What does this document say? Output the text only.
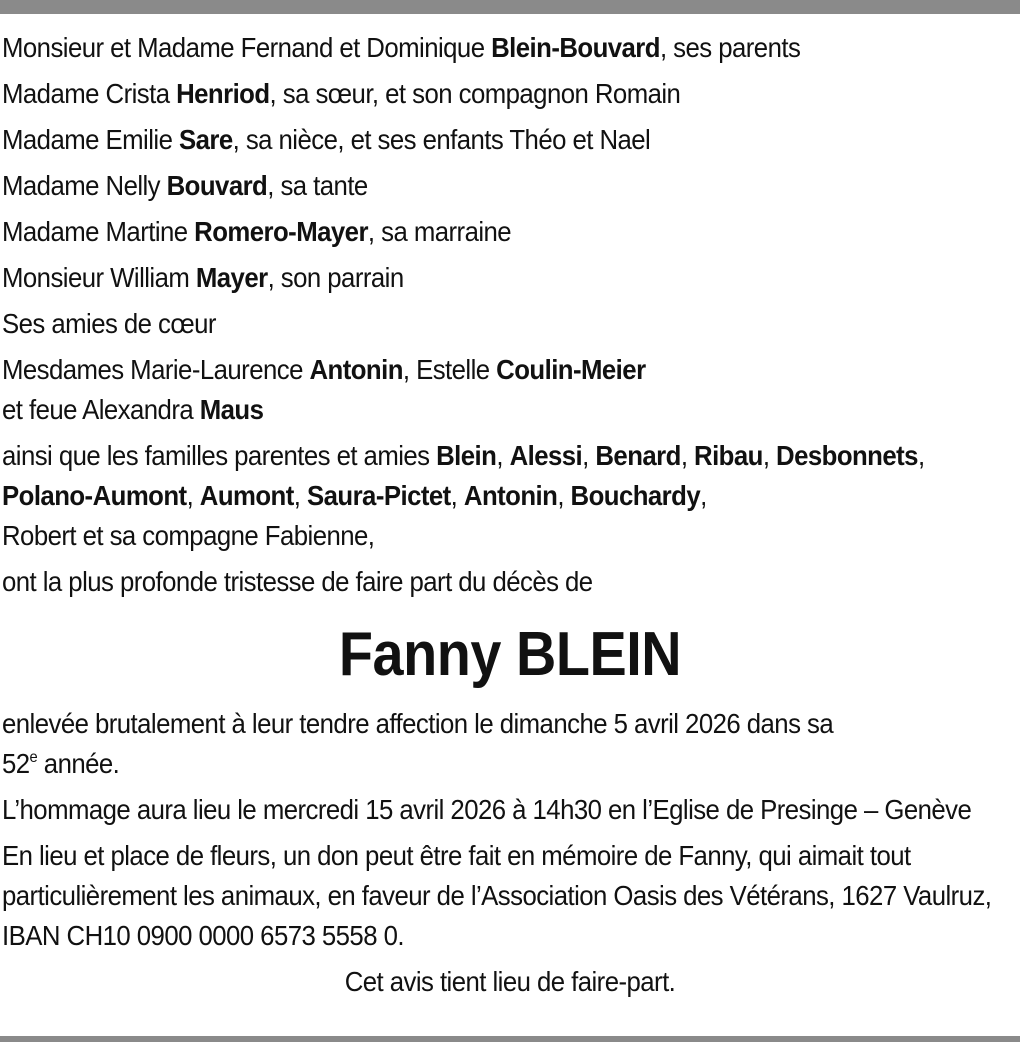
Monsieur et Madame Fernand et Dominique Blein-Bouvard, ses parents

Madame Crista Henriod, sa sœur, et son compagnon Romain

Madame Emilie Sare, sa nièce, et ses enfants Théo et Nael

Madame Nelly Bouvard, sa tante

Madame Martine Romero-Mayer, sa marraine

Monsieur William Mayer, son parrain

Ses amies de cœur

Mesdames Marie-Laurence Antonin, Estelle Coulin-Meier
et feue Alexandra Maus

ainsi que les familles parentes et amies Blein, Alessi, Benard, Ribau, Desbonnets, Polano-Aumont, Aumont, Saura-Pictet, Antonin, Bouchardy,
Robert et sa compagne Fabienne,

ont la plus profonde tristesse de faire part du décès de

Fanny BLEIN

enlevée brutalement à leur tendre affection le dimanche 5 avril 2026 dans sa
52e année.

L’hommage aura lieu le mercredi 15 avril 2026 à 14h30 en l’Eglise de Presinge – Genève

En lieu et place de fleurs, un don peut être fait en mémoire de Fanny, qui aimait tout particulièrement les animaux, en faveur de l’Association Oasis des Vétérans, 1627 Vaulruz, IBAN CH10 0900 0000 6573 5558 0.

Cet avis tient lieu de faire-part.
